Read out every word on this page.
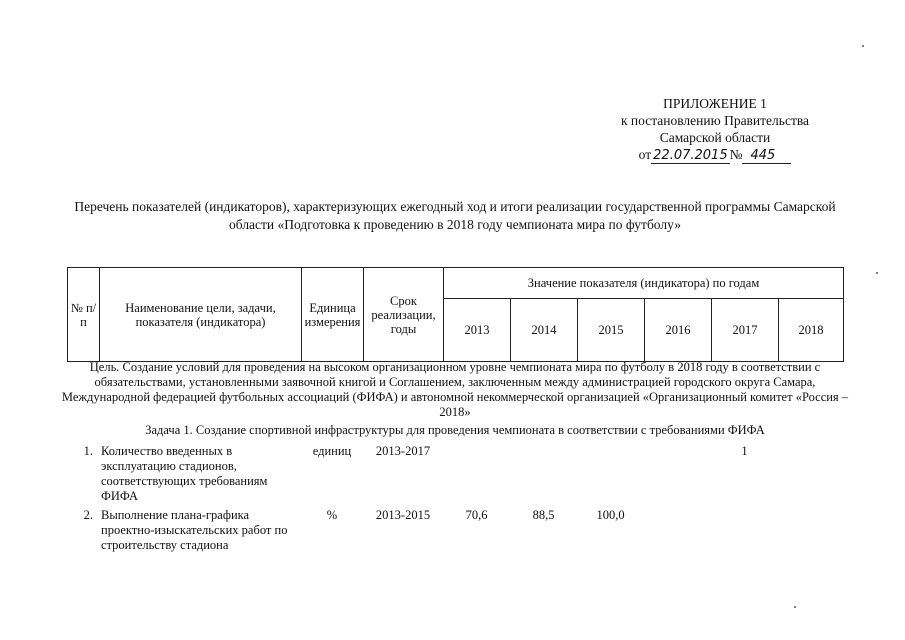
ПРИЛОЖЕНИЕ 1
к постановлению Правительства
Самарской области
от 22.07.2015 № 445
Перечень показателей (индикаторов), характеризующих ежегодный ход и итоги реализации государственной программы Самарской области «Подготовка к проведению в 2018 году чемпионата мира по футболу»
№ п/п	Наименование цели, задачи, показателя (индикатора)	Единица измерения	Срок реализации, годы	Значение показателя (индикатора) по годам					
				2013	2014	2015	2016	2017	2018
Цель. Создание условий для проведения на высоком организационном уровне чемпионата мира по футболу в 2018 году в соответствии с обязательствами, установленными заявочной книгой и Соглашением, заключенным между администрацией городского округа Самара, Международной федерацией футбольных ассоциаций (ФИФА) и автономной некоммерческой организацией «Организационный комитет «Россия – 2018»
Задача 1. Создание спортивной инфраструктуры для проведения чемпионата в соответствии с требованиями ФИФА
1.	Количество введенных в эксплуатацию стадионов, соответствующих требованиям ФИФА	единиц	2013-2017					1	
2.	Выполнение плана-графика проектно-изыскательских работ по строительству стадиона	%	2013-2015	70,6	88,5	100,0			
